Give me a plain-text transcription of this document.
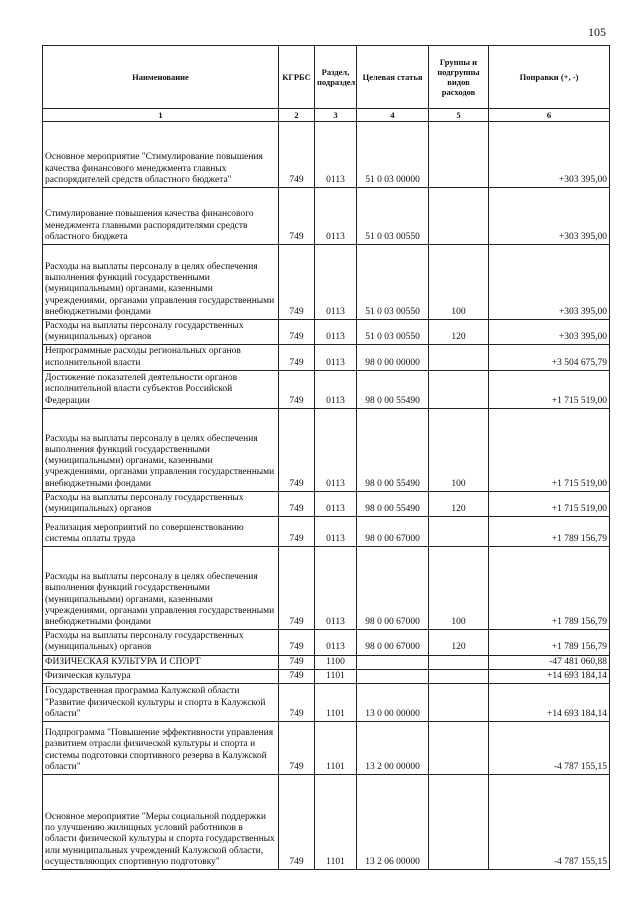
105
Наименование	КГРБС	Раздел, подраздел	Целевая статья	Группы и подгруппы видов расходов	Поправки (+, -)
1	2	3	4	5	6
Основное мероприятие "Стимулирование повышения качества финансового менеджмента главных распорядителей средств областного бюджета"	749	0113	51 0 03 00000		+303 395,00
Стимулирование повышения качества финансового менеджмента главными распорядителями средств областного бюджета	749	0113	51 0 03 00550		+303 395,00
Расходы на выплаты персоналу в целях обеспечения выполнения функций государственными (муниципальными) органами, казенными учреждениями, органами управления государственными внебюджетными фондами	749	0113	51 0 03 00550	100	+303 395,00
Расходы на выплаты персоналу государственных (муниципальных) органов	749	0113	51 0 03 00550	120	+303 395,00
Непрограммные расходы региональных органов исполнительной власти	749	0113	98 0 00 00000		+3 504 675,79
Достижение показателей деятельности органов исполнительной власти субъектов Российской Федерации	749	0113	98 0 00 55490		+1 715 519,00
Расходы на выплаты персоналу в целях обеспечения выполнения функций государственными (муниципальными) органами, казенными учреждениями, органами управления государственными внебюджетными фондами	749	0113	98 0 00 55490	100	+1 715 519,00
Расходы на выплаты персоналу государственных (муниципальных) органов	749	0113	98 0 00 55490	120	+1 715 519,00
Реализация мероприятий по совершенствованию системы оплаты труда	749	0113	98 0 00 67000		+1 789 156,79
Расходы на выплаты персоналу в целях обеспечения выполнения функций государственными (муниципальными) органами, казенными учреждениями, органами управления государственными внебюджетными фондами	749	0113	98 0 00 67000	100	+1 789 156,79
Расходы на выплаты персоналу государственных (муниципальных) органов	749	0113	98 0 00 67000	120	+1 789 156,79
ФИЗИЧЕСКАЯ КУЛЬТУРА И СПОРТ	749	1100			-47 481 060,88
Физическая культура	749	1101			+14 693 184,14
Государственная программа Калужской области "Развитие физической культуры и спорта в Калужской области"	749	1101	13 0 00 00000		+14 693 184,14
Подпрограмма "Повышение эффективности управления развитием отрасли физической культуры и спорта и системы подготовки спортивного резерва в Калужской области"	749	1101	13 2 00 00000		-4 787 155,15
Основное мероприятие "Меры социальной поддержки по улучшению жилищных условий работников в области физической культуры и спорта государственных или муниципальных учреждений Калужской области, осуществляющих спортивную подготовку"	749	1101	13 2 06 00000		-4 787 155,15
